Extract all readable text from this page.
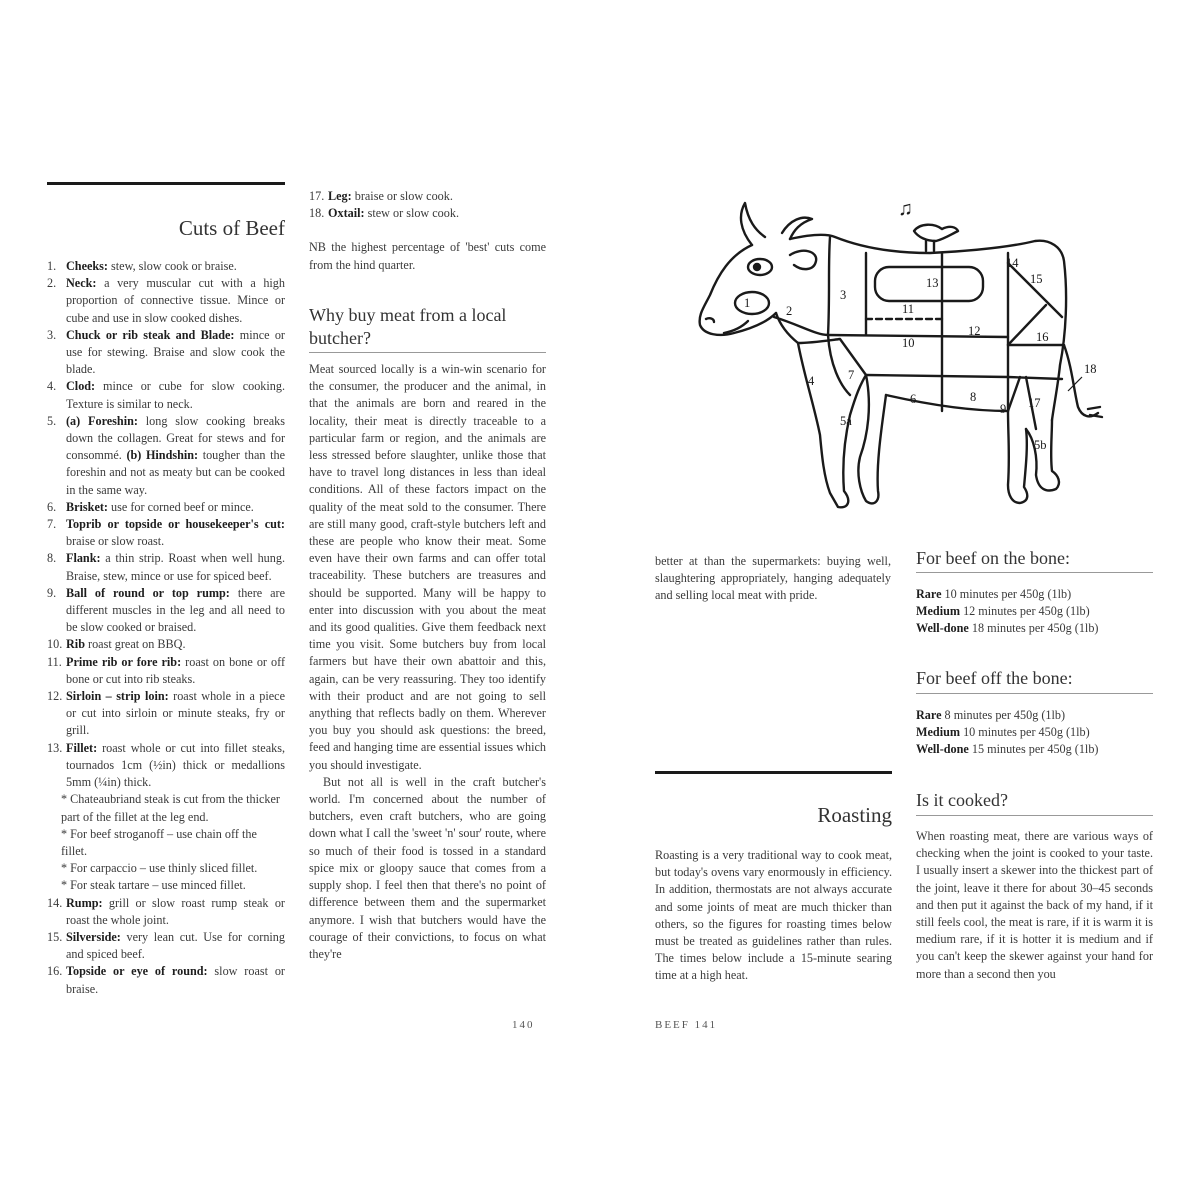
Cuts of Beef
1. Cheeks: stew, slow cook or braise.
2. Neck: a very muscular cut with a high proportion of connective tissue. Mince or cube and use in slow cooked dishes.
3. Chuck or rib steak and Blade: mince or use for stewing. Braise and slow cook the blade.
4. Clod: mince or cube for slow cooking. Texture is similar to neck.
5. (a) Foreshin: long slow cooking breaks down the collagen. Great for stews and for consommé. (b) Hindshin: tougher than the foreshin and not as meaty but can be cooked in the same way.
6. Brisket: use for corned beef or mince.
7. Toprib or topside or housekeeper's cut: braise or slow roast.
8. Flank: a thin strip. Roast when well hung. Braise, stew, mince or use for spiced beef.
9. Ball of round or top rump: there are different muscles in the leg and all need to be slow cooked or braised.
10. Rib roast great on BBQ.
11. Prime rib or fore rib: roast on bone or off bone or cut into rib steaks.
12. Sirloin – strip loin: roast whole in a piece or cut into sirloin or minute steaks, fry or grill.
13. Fillet: roast whole or cut into fillet steaks, tournados 1cm (½in) thick or medallions 5mm (¼in) thick.
* Chateaubriand steak is cut from the thicker part of the fillet at the leg end.
* For beef stroganoff – use chain off the fillet.
* For carpaccio – use thinly sliced fillet.
* For steak tartare – use minced fillet.
14. Rump: grill or slow roast rump steak or roast the whole joint.
15. Silverside: very lean cut. Use for corning and spiced beef.
16. Topside or eye of round: slow roast or braise.
17. Leg: braise or slow cook.
18. Oxtail: stew or slow cook.

NB the highest percentage of 'best' cuts come from the hind quarter.

Why buy meat from a local butcher?

Meat sourced locally is a win-win scenario for the consumer, the producer and the animal, in that the animals are born and reared in the locality, their meat is directly traceable to a particular farm or region, and the animals are less stressed before slaughter, unlike those that have to travel long distances in less than ideal conditions. All of these factors impact on the quality of the meat sold to the consumer. There are still many good, craft-style butchers left and these are people who know their meat. Some even have their own farms and can offer total traceability. These butchers are treasures and should be supported. Many will be happy to enter into discussion with you about the meat and its good qualities. Give them feedback next time you visit. Some butchers buy from local farmers but have their own abattoir and this, again, can be very reassuring. They too identify with their product and are not going to sell anything that reflects badly on them. Wherever you buy you should ask questions: the breed, feed and hanging time are essential issues which you should investigate.

But not all is well in the craft butcher's world. I'm concerned about the number of butchers, even craft butchers, who are going down what I call the 'sweet 'n' sour' route, where so much of their food is tossed in a standard spice mix or gloopy sauce that comes from a supply shop. I feel then that there's no point of difference between them and the supermarket anymore. I wish that butchers would have the courage of their convictions, to focus on what they're

140
♫
1
2
3
4
5a
5b
6
7
8
9
10
11
12
13
14
15
16
17
18
better at than the supermarkets: buying well, slaughtering appropriately, hanging adequately and selling local meat with pride.
For beef on the bone:
Rare 10 minutes per 450g (1lb)
Medium 12 minutes per 450g (1lb)
Well-done 18 minutes per 450g (1lb)
For beef off the bone:
Rare 8 minutes per 450g (1lb)
Medium 10 minutes per 450g (1lb)
Well-done 15 minutes per 450g (1lb)
Roasting
Roasting is a very traditional way to cook meat, but today's ovens vary enormously in efficiency. In addition, thermostats are not always accurate and some joints of meat are much thicker than others, so the figures for roasting times below must be treated as guidelines rather than rules. The times below include a 15-minute searing time at a high heat.
Is it cooked?
When roasting meat, there are various ways of checking when the joint is cooked to your taste. I usually insert a skewer into the thickest part of the joint, leave it there for about 30–45 seconds and then put it against the back of my hand, if it still feels cool, the meat is rare, if it is warm it is medium rare, if it is hotter it is medium and if you can't keep the skewer against your hand for more than a second then you
BEEF 141
